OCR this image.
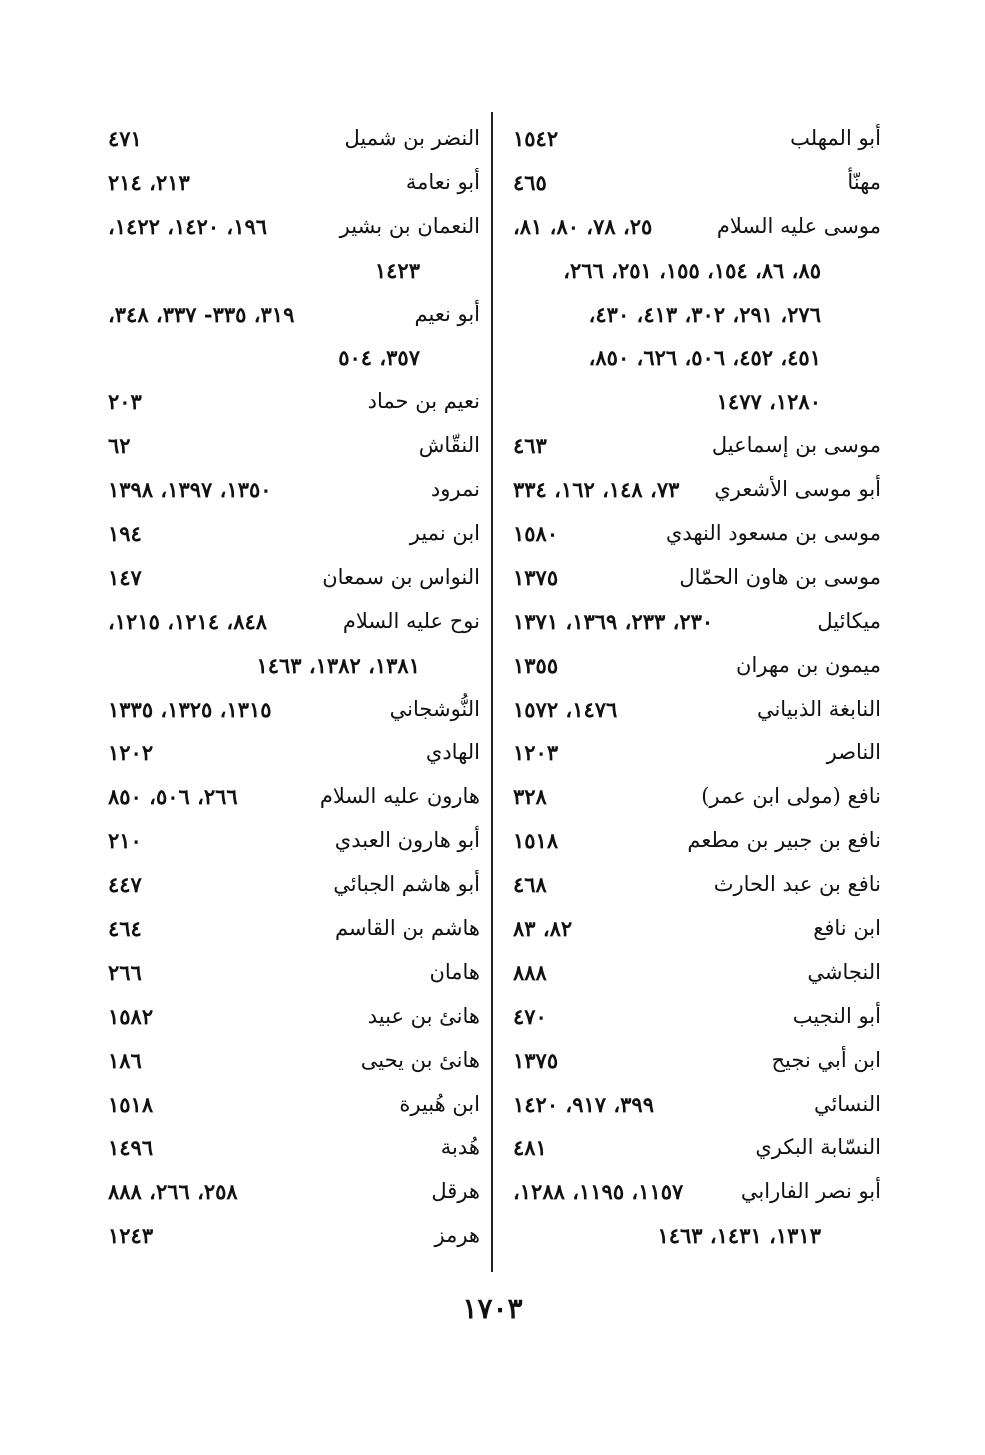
أبو المهلب
١٥٤٢
مهنّأ
٤٦٥
موسى عليه السلام
٢٥، ٧٨، ٨٠، ٨١،
٨٥، ٨٦، ١٥٤، ١٥٥، ٢٥١، ٢٦٦،
٢٧٦، ٢٩١، ٣٠٢، ٤١٣، ٤٣٠،
٤٥١، ٤٥٢، ٥٠٦، ٦٢٦، ٨٥٠،
١٢٨٠، ١٤٧٧
موسى بن إسماعيل
٤٦٣
أبو موسى الأشعري
٧٣، ١٤٨، ١٦٢، ٣٣٤
موسى بن مسعود النهدي
١٥٨٠
موسى بن هاون الحمّال
١٣٧٥
ميكائيل
٢٣٠، ٢٣٣، ١٣٦٩، ١٣٧١
ميمون بن مهران
١٣٥٥
النابغة الذبياني
١٤٧٦، ١٥٧٢
الناصر
١٢٠٣
نافع (مولى ابن عمر)
٣٢٨
نافع بن جبير بن مطعم
١٥١٨
نافع بن عبد الحارث
٤٦٨
ابن نافع
٨٢، ٨٣
النجاشي
٨٨٨
أبو النجيب
٤٧٠
ابن أبي نجيح
١٣٧٥
النسائي
٣٩٩، ٩١٧، ١٤٢٠
النسّابة البكري
٤٨١
أبو نصر الفارابي
١١٥٧، ١١٩٥، ١٢٨٨،
١٣١٣، ١٤٣١، ١٤٦٣
النضر بن شميل
٤٧١
أبو نعامة
٢١٣، ٢١٤
النعمان بن بشير
١٩٦، ١٤٢٠، ١٤٢٢،
١٤٢٣
أبو نعيم
٣١٩، ٣٣٥- ٣٣٧، ٣٤٨،
٣٥٧، ٥٠٤
نعيم بن حماد
٢٠٣
النقّاش
٦٢
نمرود
١٣٥٠، ١٣٩٧، ١٣٩٨
ابن نمير
١٩٤
النواس بن سمعان
١٤٧
نوح عليه السلام
٨٤٨، ١٢١٤، ١٢١٥،
١٣٨١، ١٣٨٢، ١٤٦٣
النُّوشجاني
١٣١٥، ١٣٢٥، ١٣٣٥
الهادي
١٢٠٢
هارون عليه السلام
٢٦٦، ٥٠٦، ٨٥٠
أبو هارون العبدي
٢١٠
أبو هاشم الجبائي
٤٤٧
هاشم بن القاسم
٤٦٤
هامان
٢٦٦
هانئ بن عبيد
١٥٨٢
هانئ بن يحيى
١٨٦
ابن هُبيرة
١٥١٨
هُدبة
١٤٩٦
هرقل
٢٥٨، ٢٦٦، ٨٨٨
هرمز
١٢٤٣
١٧٠٣
